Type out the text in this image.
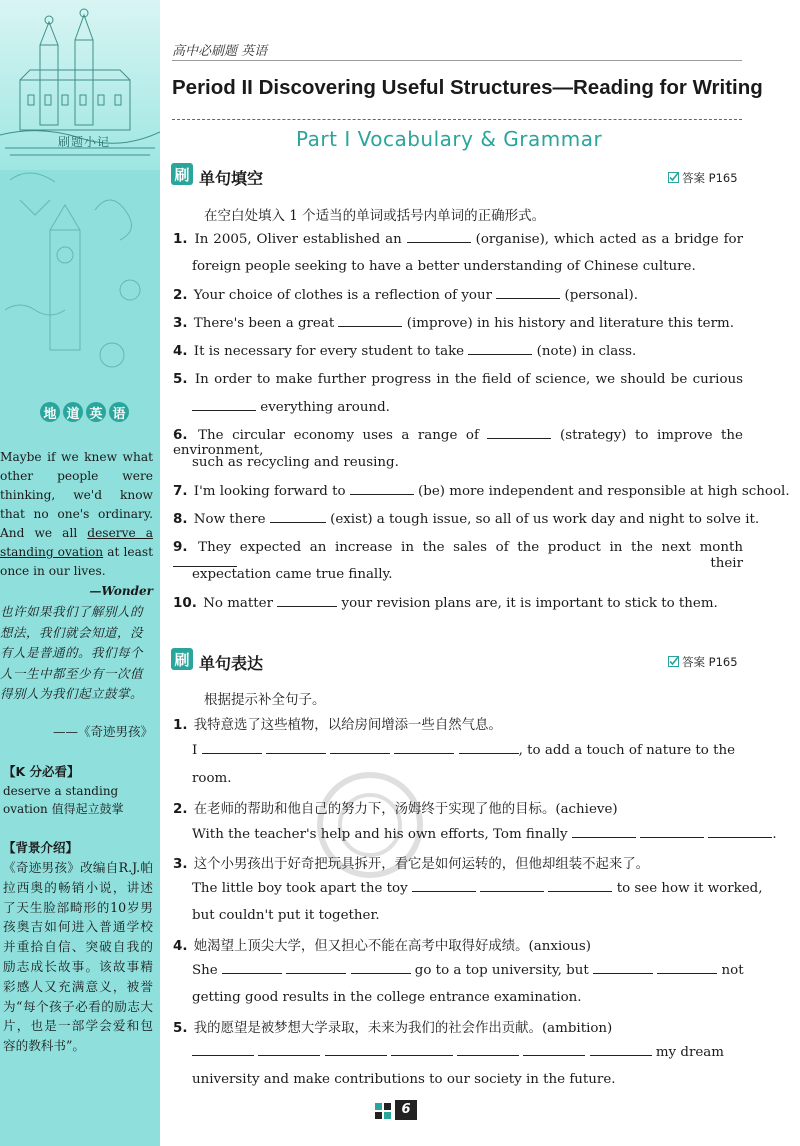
刷题小记
地 道 英 语
Maybe if we knew what other people were thinking, we'd know that no one's ordinary. And we all deserve a standing ovation at least once in our lives.
—Wonder
也许如果我们了解别人的想法，我们就会知道，没有人是普通的。我们每个人一生中都至少有一次值得别人为我们起立鼓掌。
——《奇迹男孩》
【K 分必看】
deserve a standing ovation 值得起立鼓掌
【背景介绍】
《奇迹男孩》改编自R.J.帕拉西奥的畅销小说，讲述了天生脸部畸形的10岁男孩奥吉如何进入普通学校并重拾自信、突破自我的励志成长故事。该故事精彩感人又充满意义，被誉为“每个孩子必看的励志大片，也是一部学会爱和包容的教科书”。
高中必刷题 英语
Period II Discovering Useful Structures—Reading for Writing
Part I Vocabulary & Grammar
刷 单句填空	答案 P165
在空白处填入 1 个适当的单词或括号内单词的正确形式。
1. In 2005, Oliver established an	(organise), which acted as a bridge for
foreign people seeking to have a better understanding of Chinese culture.
2. Your choice of clothes is a reflection of your	(personal).
3. There's been a great	(improve) in his history and literature this term.
4. It is necessary for every student to take	(note) in class.
5. In order to make further progress in the field of science, we should be curious
everything around.
6. The circular economy uses a range of	(strategy) to improve the environment,
such as recycling and reusing.
7. I'm looking forward to	(be) more independent and responsible at high school.
8. Now there	(exist) a tough issue, so all of us work day and night to solve it.
9. They expected an increase in the sales of the product in the next month  their
expectation came true finally.
10. No matter	your revision plans are, it is important to stick to them.
刷 单句表达	答案 P165
根据提示补全句子。
1. 我特意选了这些植物，以给房间增添一些自然气息。
I	, to add a touch of nature to the
room.
2. 在老师的帮助和他自己的努力下，汤姆终于实现了他的目标。(achieve)
With the teacher's help and his own efforts, Tom finally	.
3. 这个小男孩出于好奇把玩具拆开，看它是如何运转的，但他却组装不起来了。
The little boy took apart the toy	to see how it worked,
but couldn't put it together.
4. 她渴望上顶尖大学，但又担心不能在高考中取得好成绩。(anxious)
She	go to a top university, but	not
getting good results in the college entrance examination.
5. 我的愿望是被梦想大学录取，未来为我们的社会作出贡献。(ambition)
my dream
university and make contributions to our society in the future.
6
